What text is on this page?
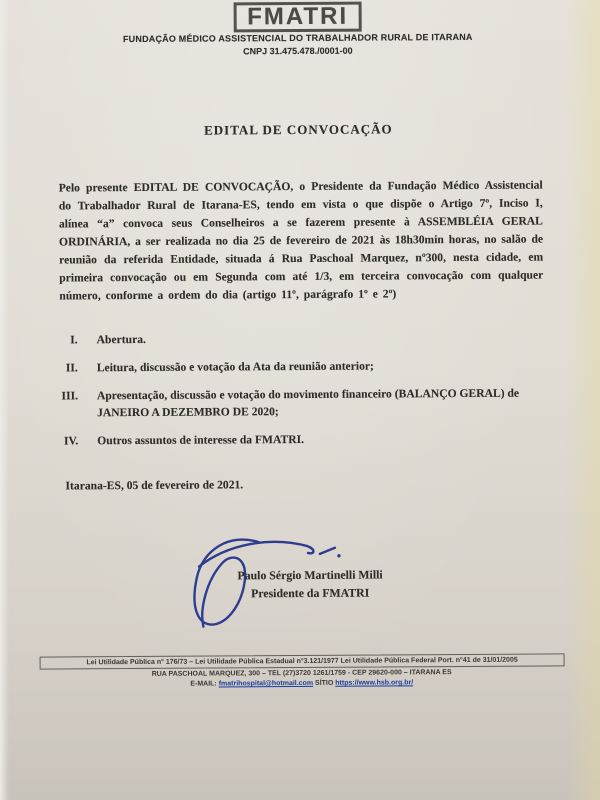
FMATRI
FUNDAÇÃO MÉDICO ASSISTENCIAL DO TRABALHADOR RURAL DE ITARANA
CNPJ 31.475.478./0001-00
EDITAL DE CONVOCAÇÃO
Pelo presente EDITAL DE CONVOCAÇÃO, o Presidente da Fundação Médico Assistencial do Trabalhador Rural de Itarana-ES, tendo em vista o que dispõe o Artigo 7º, Inciso I, alínea “a” convoca seus Conselheiros a se fazerem presente à ASSEMBLÉIA GERAL ORDINÁRIA, a ser realizada no dia 25 de fevereiro de 2021 às 18h30min horas, no salão de reunião da referida Entidade, situada á Rua Paschoal Marquez, nº300, nesta cidade, em primeira convocação ou em Segunda com até 1/3, em terceira convocação com qualquer número, conforme a ordem do dia (artigo 11º, parágrafo 1º e 2º)
I. Abertura.
II. Leitura, discussão e votação da Ata da reunião anterior;
III. Apresentação, discussão e votação do movimento financeiro (BALANÇO GERAL) de JANEIRO A DEZEMBRO DE 2020;
IV. Outros assuntos de interesse da FMATRI.
Itarana-ES, 05 de fevereiro de 2021.
Paulo Sérgio Martinelli Milli
Presidente da FMATRI
Lei Utilidade Pública n° 176/73 – Lei Utilidade Pública Estadual n°3.121/1977 Lei Utilidade Pública Federal Port. n°41 de 31/01/2005
RUA PASCHOAL MARQUEZ, 300 – TEL (27)3720 1261/1759 - CEP 29620-000 – ITARANA ES
E-MAIL: fmatrihospital@hotmail.com SÍTIO https://www.hsb.org.br/
